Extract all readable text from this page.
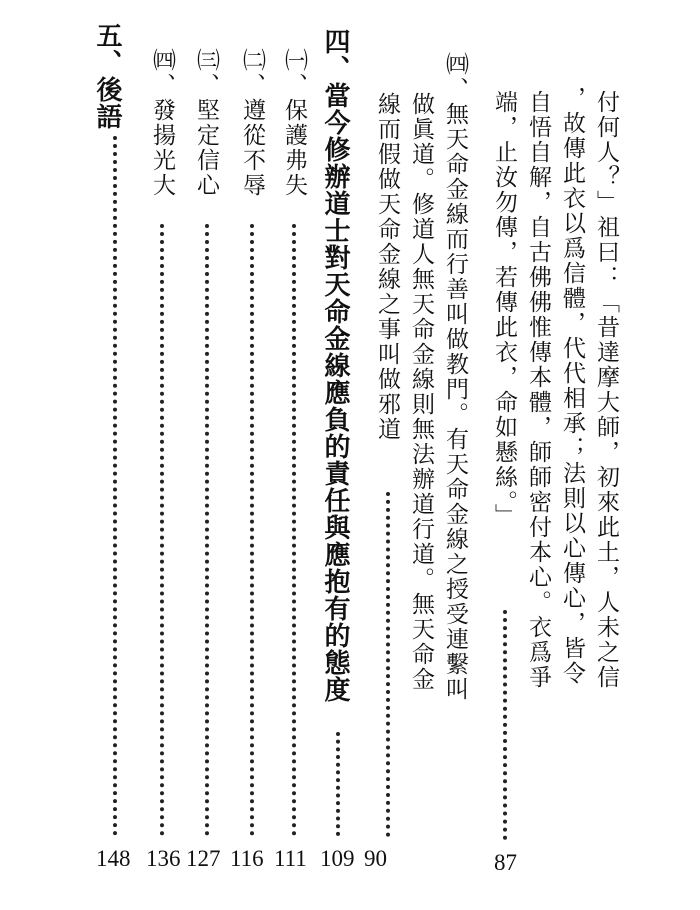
付何人？」祖曰：「昔達摩大師，初來此土，人未之信
，故傳此衣以爲信體，代代相承；法則以心傳心，皆令
自悟自解，自古佛佛惟傳本體，師師密付本心。衣爲爭
端，止汝勿傳，若傳此衣，命如懸絲。」
㈣、無天命金線而行善叫做教門。有天命金線之授受連繫叫
做眞道。修道人無天命金線則無法辦道行道。無天命金
線而假做天命金線之事叫做邪道
四、當今修辦道士對天命金線應負的責任與應抱有的態度
㈠、保護弗失
㈡、遵從不辱
㈢、堅定信心
㈣、發揚光大
五、後語
87
90
109
111
116
127
136
148
